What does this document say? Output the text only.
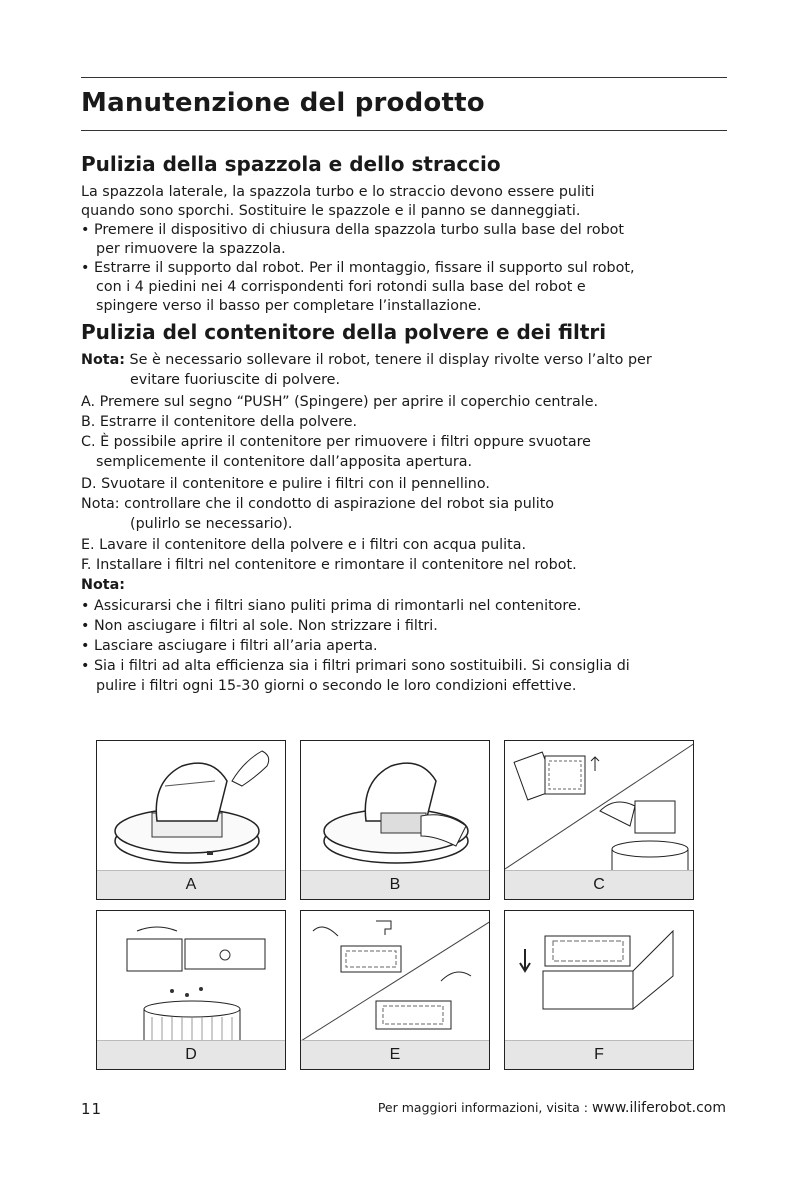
Manutenzione del prodotto
Pulizia della spazzola e dello straccio
La spazzola laterale, la spazzola turbo e lo straccio devono essere puliti
quando sono sporchi. Sostituire le spazzole e il panno se danneggiati.
• Premere il dispositivo di chiusura della spazzola turbo sulla base del robot
per rimuovere la spazzola.
• Estrarre il supporto dal robot. Per il montaggio, fissare il supporto sul robot,
con i 4 piedini nei 4 corrispondenti fori rotondi sulla base del robot e
spingere verso il basso per completare l’installazione.
Pulizia del contenitore della polvere e dei filtri
Nota: Se è necessario sollevare il robot, tenere il display rivolte verso l’alto per
evitare fuoriuscite di polvere.
A. Premere sul segno “PUSH” (Spingere) per aprire il coperchio centrale.
B. Estrarre il contenitore della polvere.
C. È possibile aprire il contenitore per rimuovere i filtri oppure svuotare
semplicemente il contenitore dall’apposita apertura.
D. Svuotare il contenitore e pulire i filtri con il pennellino.
Nota: controllare che il condotto di aspirazione del robot sia pulito
(pulirlo se necessario).
E. Lavare il contenitore della polvere e i filtri con acqua pulita.
F. Installare i filtri nel contenitore e rimontare il contenitore nel robot.
Nota:
• Assicurarsi che i filtri siano puliti prima di rimontarli nel contenitore.
• Non asciugare i filtri al sole. Non strizzare i filtri.
• Lasciare asciugare i filtri all’aria aperta.
• Sia i filtri ad alta efficienza sia i filtri primari sono sostituibili. Si consiglia di
pulire i filtri ogni 15-30 giorni o secondo le loro condizioni effettive.
A	B	C
D	E	F
11	Per maggiori informazioni, visita : www.iliferobot.com
